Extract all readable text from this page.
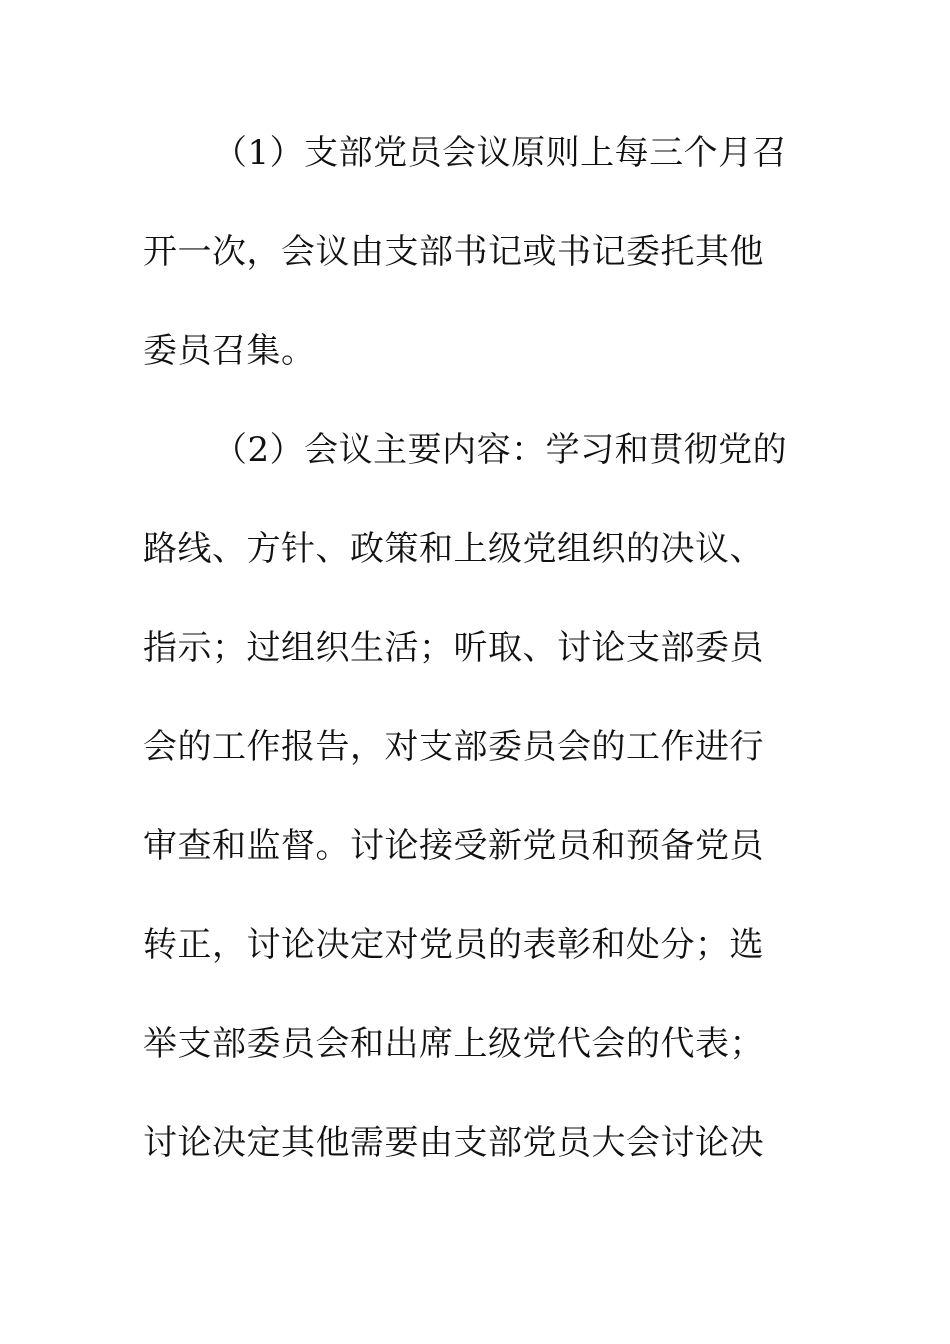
（1）支部党员会议原则上每三个月召
开一次，会议由支部书记或书记委托其他
委员召集。
（2）会议主要内容：学习和贯彻党的
路线、方针、政策和上级党组织的决议、
指示；过组织生活；听取、讨论支部委员
会的工作报告，对支部委员会的工作进行
审查和监督。讨论接受新党员和预备党员
转正，讨论决定对党员的表彰和处分；选
举支部委员会和出席上级党代会的代表；
讨论决定其他需要由支部党员大会讨论决
